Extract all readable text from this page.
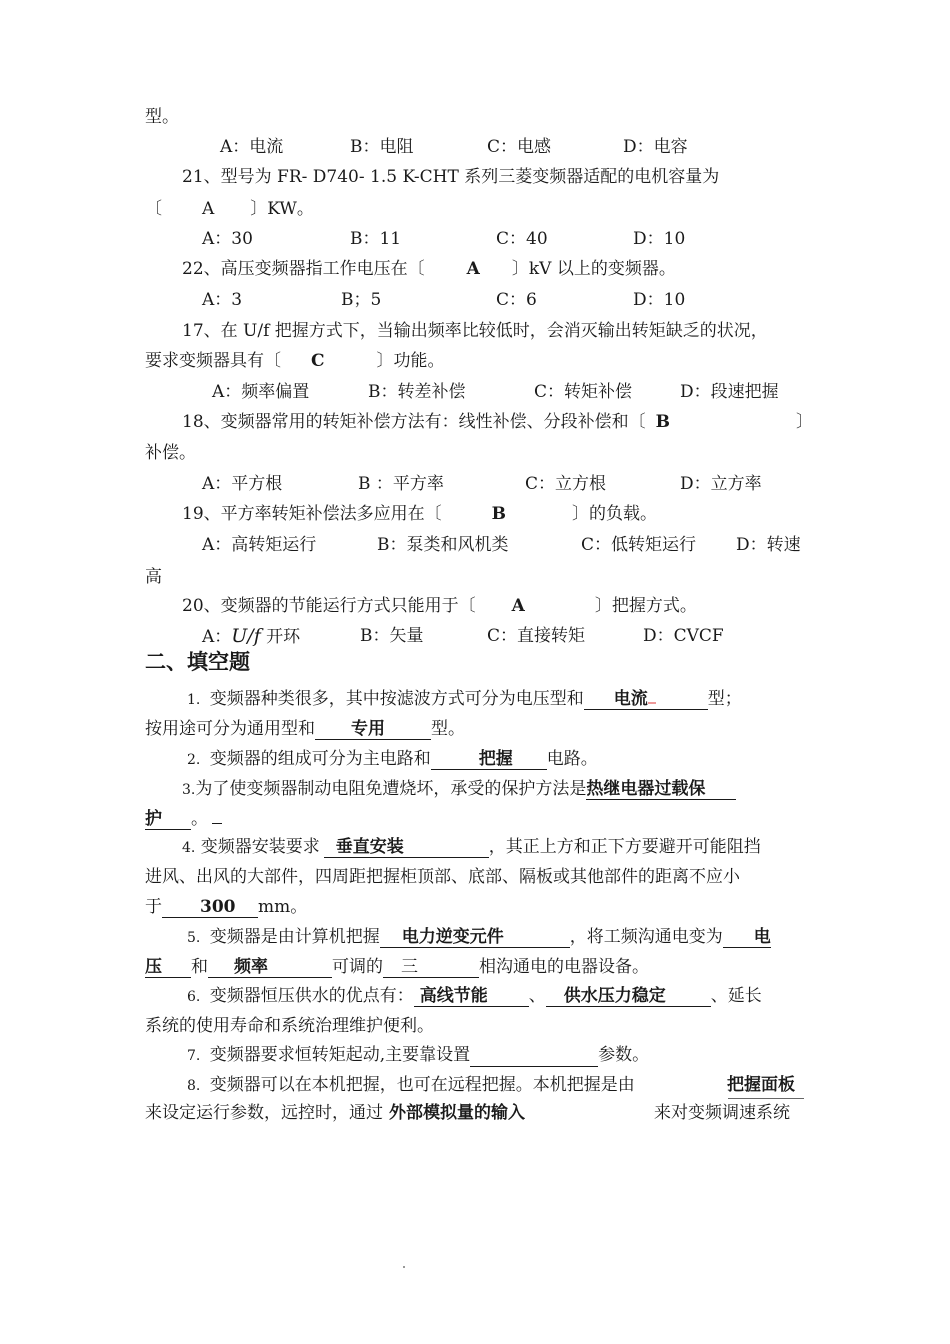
型。
A：电流	B：电阻	C：电感	D：电容
21、型号为 FR- D740- 1.5 K-CHT 系列三菱变频器适配的电机容量为
〔 A 〕KW。
A：30	B：11	C：40	D：10
22、高压变频器指工作电压在〔 A 〕kV 以上的变频器。
A：3	B；5	C：6	D：10
17、在 U/f 把握方式下，当输出频率比较低时，会消灭输出转矩缺乏的状况，
要求变频器具有〔 C	〕功能。
A：频率偏置	B：转差补偿	C：转矩补偿	D：段速把握
18、变频器常用的转矩补偿方法有：线性补偿、分段补偿和〔 B	〕
补偿。
A：平方根	B ：平方率	C：立方根	D：立方率
19、平方率转矩补偿法多应用在〔	B	〕的负载。
A：高转矩运行	B：泵类和风机类	C：低转矩运行 D：转速
高
20、变频器的节能运行方式只能用于〔 A	〕把握方式。
A：U/f 开环	B：矢量	C：直接转矩	D：CVCF
二、填空题
1. 变频器种类很多，其中按滤波方式可分为电压型和 电流	型；
按用途可分为通用型和 专用	型。
2. 变频器的组成可分为主电路和	把握 电路。
3.为了使变频器制动电阻免遭烧坏，承受的保护方法是热继电器过载保
护 。
4. 变频器安装要求 垂直安装	，其正上方和正下方要避开可能阻挡
进风、出风的大部件，四周距把握柜顶部、底部、隔板或其他部件的距离不应小
于 300 mm。
5. 变频器是由计算机把握 电力逆变元件	，将工频沟通电变为 电
压 和 频率	可调的 三	相沟通电的电器设备。
6. 变频器恒压供水的优点有： 高线节能 、 供水压力稳定	、延长
系统的使用寿命和系统治理维护便利。
7. 变频器要求恒转矩起动,主要靠设置	参数。
8. 变频器可以在本机把握，也可在远程把握。本机把握是由	把握面板
来设定运行参数，远控时，通过 外部模拟量的输入	来对变频调速系统
